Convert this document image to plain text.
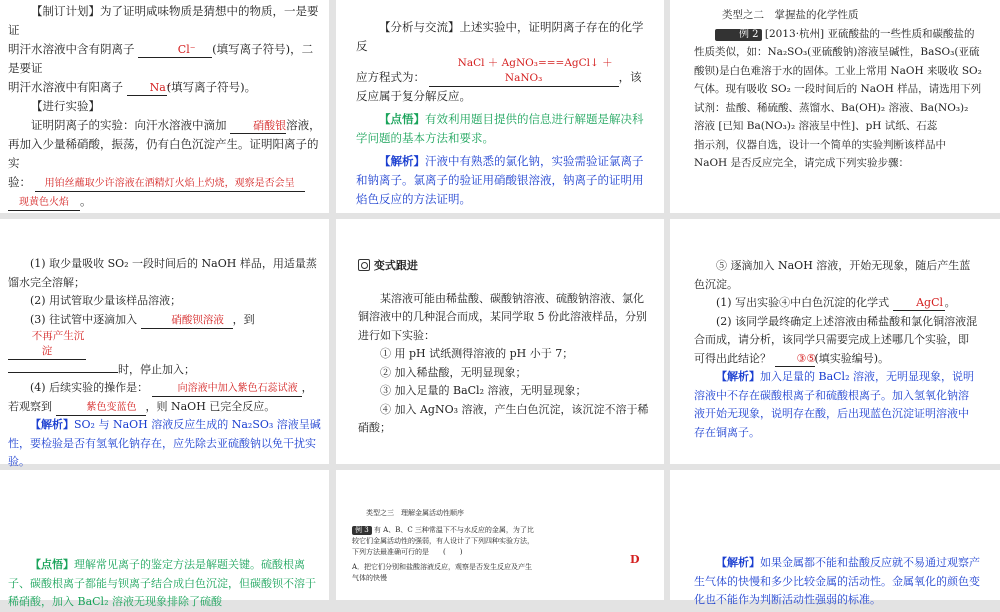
【制订计划】为了证明咸味物质是猜想中的物质，一是要证
明汗水溶液中含有阴离子	Cl⁻ (填写离子符号)，二是要证
明汗水溶液中有阳离子 Na⁺(填写离子符号)。

【进行实验】

证明阴离子的实验：向汗水溶液中滴加 硝酸银溶液，

再加入少量稀硝酸，振荡，仍有白色沉淀产生。证明阳离子的实
验： 用铂丝蘸取少许溶液在酒精灯火焰上灼烧，观察是否会呈
现黄色火焰 。

【分析与交流】上述实验中，证明阴离子存在的化学反
应方程式为： NaCl ＋ AgNO₃===AgCl↓ ＋ NaNO₃	，该
反应属于复分解反应。

【点悟】有效利用题目提供的信息进行解题是解决科学问题的基本方法和要求。

【解析】汗液中有熟悉的氯化钠，实验需验证氯离子和钠离子。氯离子的验证用硝酸银溶液，钠离子的证明用焰色反应的方法证明。

类型之二　掌握盐的化学性质

例 2 [2013·杭州] 亚硫酸盐的一些性质和碳酸盐的性质类似，如：Na₂SO₃(亚硫酸钠)溶液呈碱性，BaSO₃(亚硫酸钡)是白色难溶于水的固体。工业上常用 NaOH 来吸收 SO₂ 气体。现有吸收 SO₂ 一段时间后的 NaOH 样品，请选用下列试剂：盐酸、稀硫酸、蒸馏水、Ba(OH)₂ 溶液、Ba(NO₃)₂ 溶液 [已知 Ba(NO₃)₂ 溶液呈中性]、pH 试纸、石蕊

指示剂，仪器自选，设计一个简单的实验判断该样品中 NaOH 是否反应完全，请完成下列实验步骤：

(1) 取少量吸收 SO₂ 一段时间后的 NaOH 样品，用适量蒸馏水完全溶解；

(2) 用试管取少量该样品溶液；

(3) 往试管中逐滴加入	硝酸钡溶液 ，到 不再产生沉淀
时，停止加入；

(4) 后续实验的操作是：	向溶液中加入紫色石蕊试液 ，若观察到	紫色变蓝色 ，则 NaOH 已完全反应。

【解析】SO₂ 与 NaOH 溶液反应生成的 Na₂SO₃ 溶液呈碱性，要检验是否有氢氧化钠存在，应先除去亚硫酸钠以免干扰实验。

变式跟进

某溶液可能由稀盐酸、碳酸钠溶液、硫酸钠溶液、氯化铜溶液中的几种混合而成，某同学取 5 份此溶液样品，分别进行如下实验：

① 用 pH 试纸测得溶液的 pH 小于 7；

② 加入稀盐酸，无明显现象；

③ 加入足量的 BaCl₂ 溶液，无明显现象；

④ 加入 AgNO₃ 溶液，产生白色沉淀，该沉淀不溶于稀硝酸；

⑤ 逐滴加入 NaOH 溶液，开始无现象，随后产生蓝色沉淀。

(1) 写出实验④中白色沉淀的化学式 AgCl 。

(2) 该同学最终确定上述溶液由稀盐酸和氯化铜溶液混合而成，请分析，该同学只需要完成上述哪几个实验，即可得出此结论？ ③⑤(填实验编号)。

【解析】加入足量的 BaCl₂ 溶液，无明显现象，说明溶液中不存在碳酸根离子和硫酸根离子。加入氢氧化钠溶液开始无现象，说明存在酸，后出现蓝色沉淀证明溶液中存在铜离子。

【点悟】理解常见离子的鉴定方法是解题关键。硫酸根离子、碳酸根离子都能与钡离子结合成白色沉淀，但碳酸钡不溶于稀硝酸，加入 BaCl₂ 溶液无现象排除了硫酸

类型之三　理解金属活动性顺序

例 3 有 A、B、C 三种常温下不与水反应的金属，为了比较它们金属活动性的强弱，有人设计了下列四种实验方法，下列方法最准确可行的是　　(　　)

A．把它们分别和盐酸溶液反应，观察是否发生反应及产生气体的快慢

D	【解析】如果金属都不能和盐酸反应就不易通过观察产生气体的快慢和多少比较金属的活动性。金属氧化的颜色变化也不能作为判断活动性强弱的标准。
